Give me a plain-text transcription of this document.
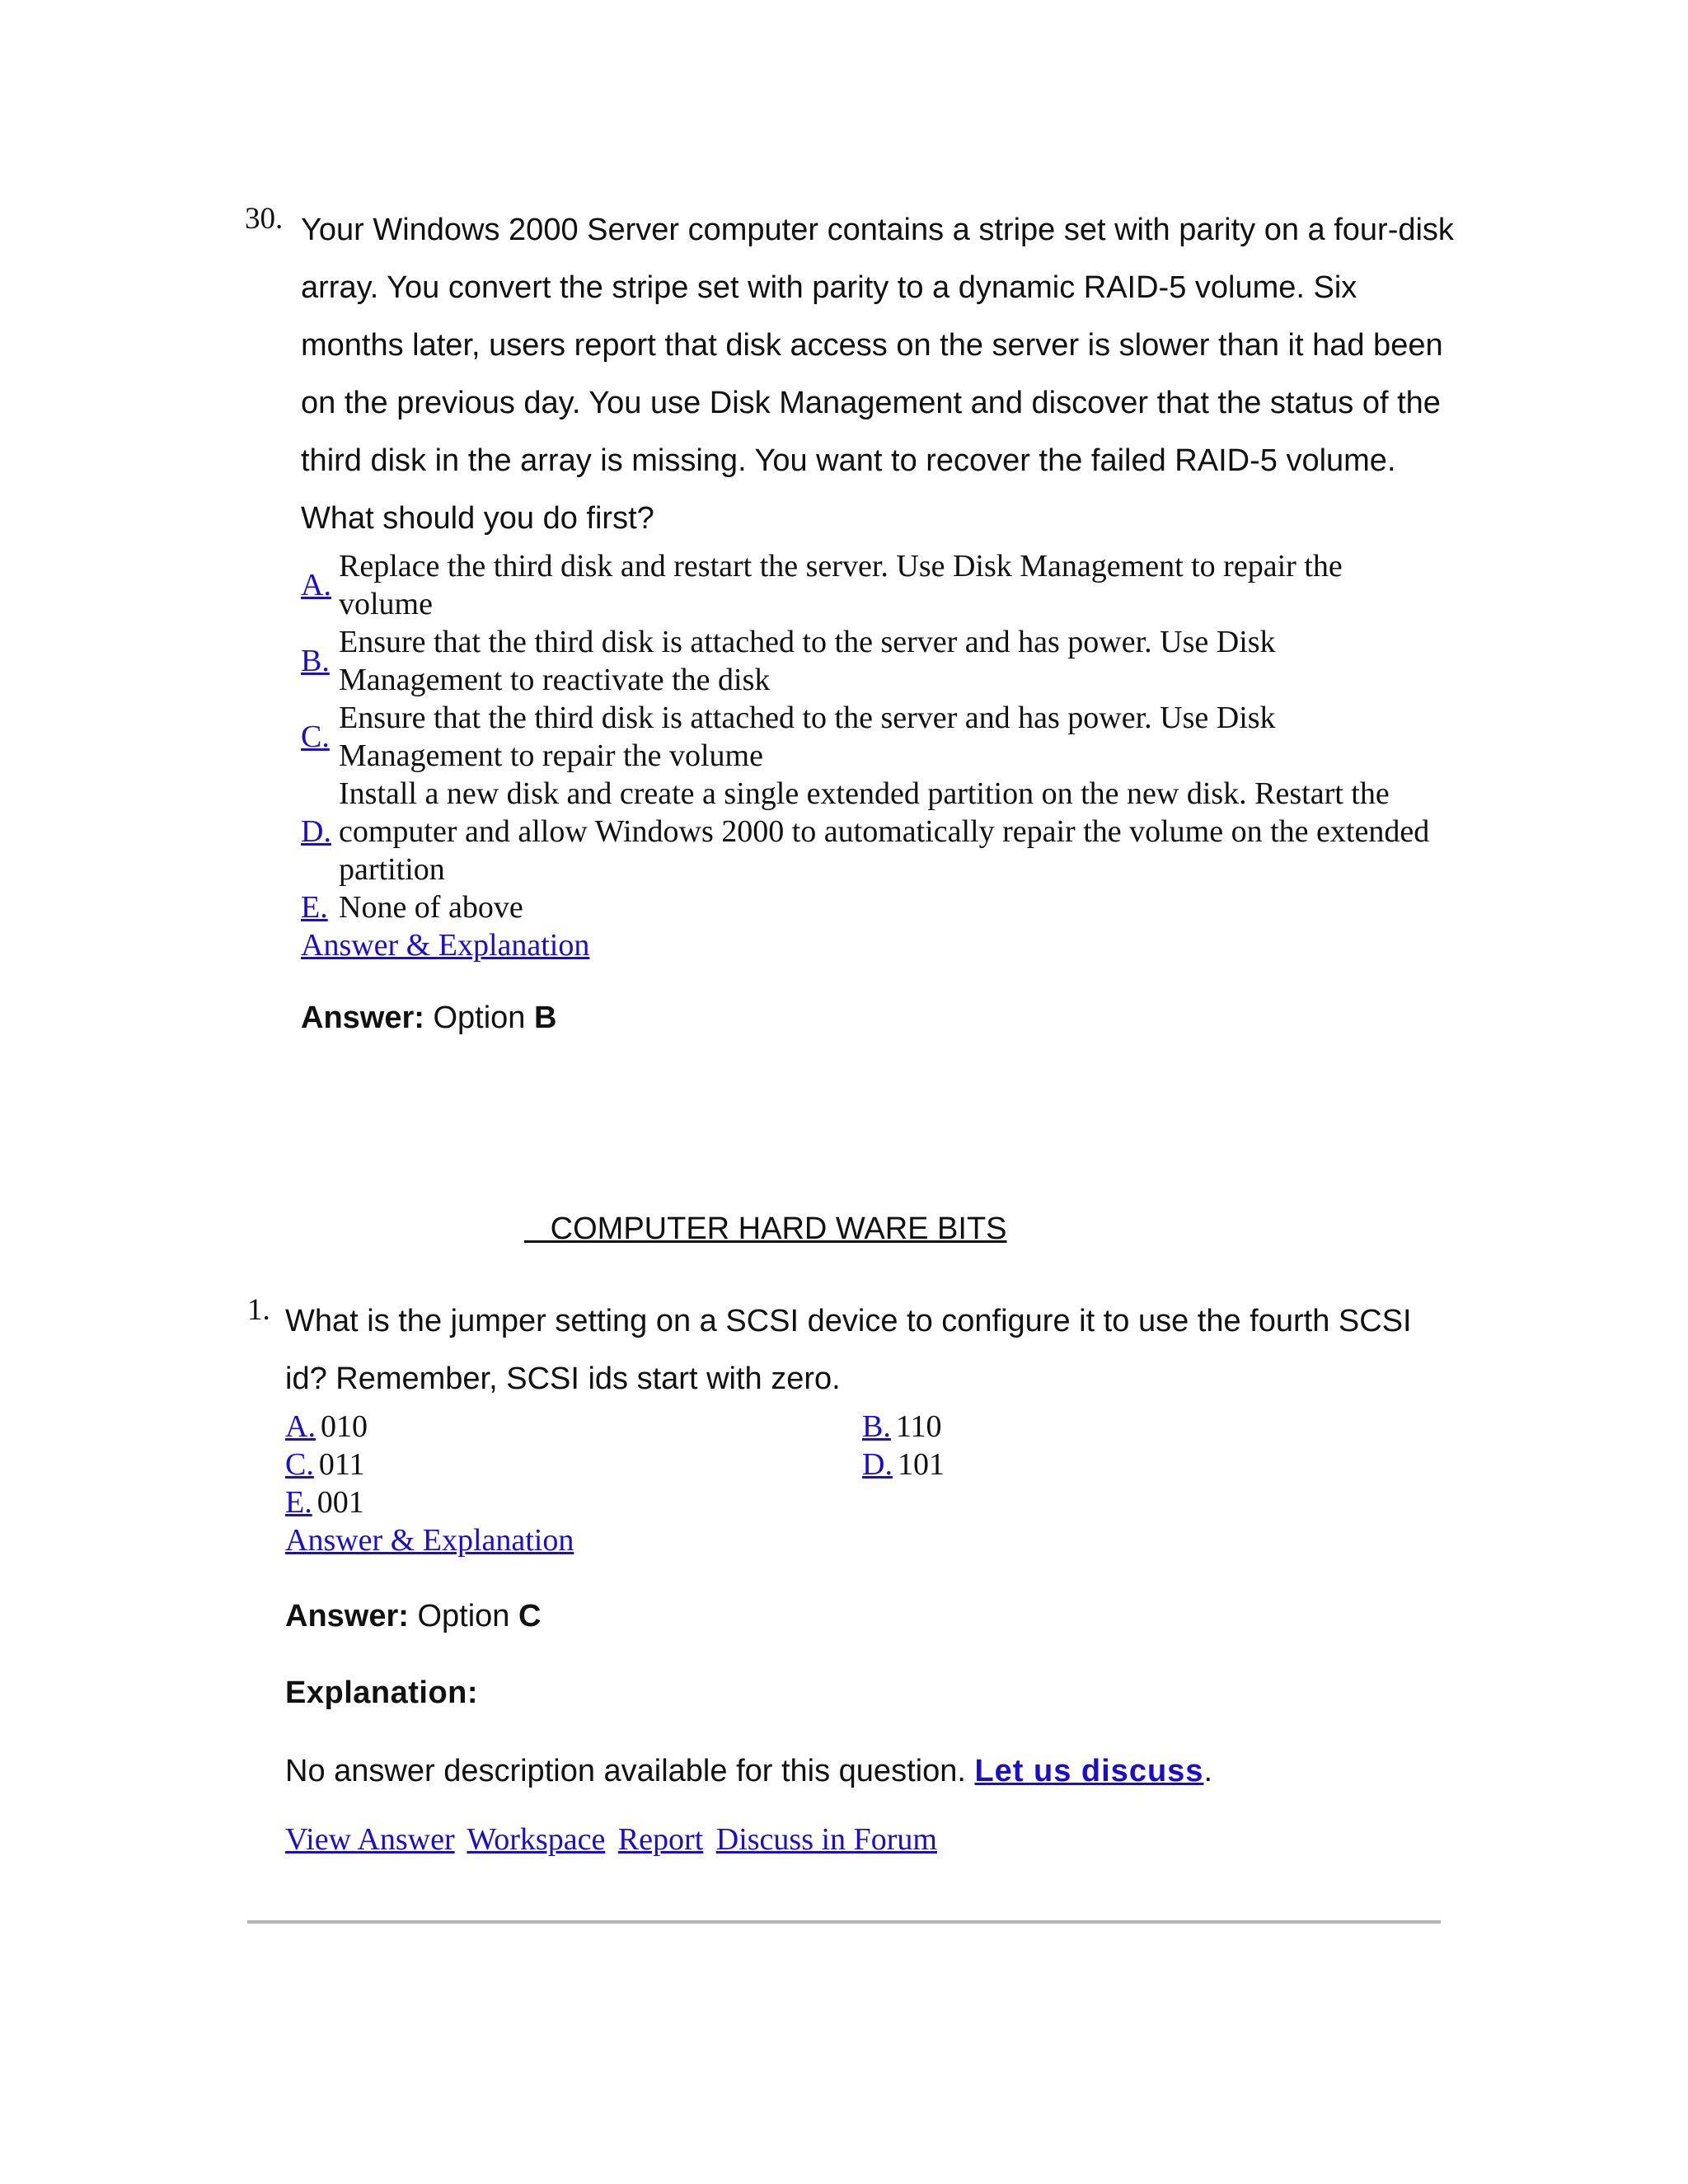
30. Your Windows 2000 Server computer contains a stripe set with parity on a four-disk array. You convert the stripe set with parity to a dynamic RAID-5 volume. Six months later, users report that disk access on the server is slower than it had been on the previous day. You use Disk Management and discover that the status of the third disk in the array is missing. You want to recover the failed RAID-5 volume. What should you do first?
A.
Replace the third disk and restart the server. Use Disk Management to repair the volume
B.
Ensure that the third disk is attached to the server and has power. Use Disk Management to reactivate the disk
C.
Ensure that the third disk is attached to the server and has power. Use Disk Management to repair the volume
D.
Install a new disk and create a single extended partition on the new disk. Restart the computer and allow Windows 2000 to automatically repair the volume on the extended partition
E. None of above
Answer & Explanation
Answer: Option B
COMPUTER HARD WARE BITS
1. What is the jumper setting on a SCSI device to configure it to use the fourth SCSI id? Remember, SCSI ids start with zero.
A. 010	B. 110
C. 011	D. 101
E. 001
Answer & Explanation
Answer: Option C
Explanation:
No answer description available for this question. Let us discuss.
View Answer Workspace Report Discuss in Forum
